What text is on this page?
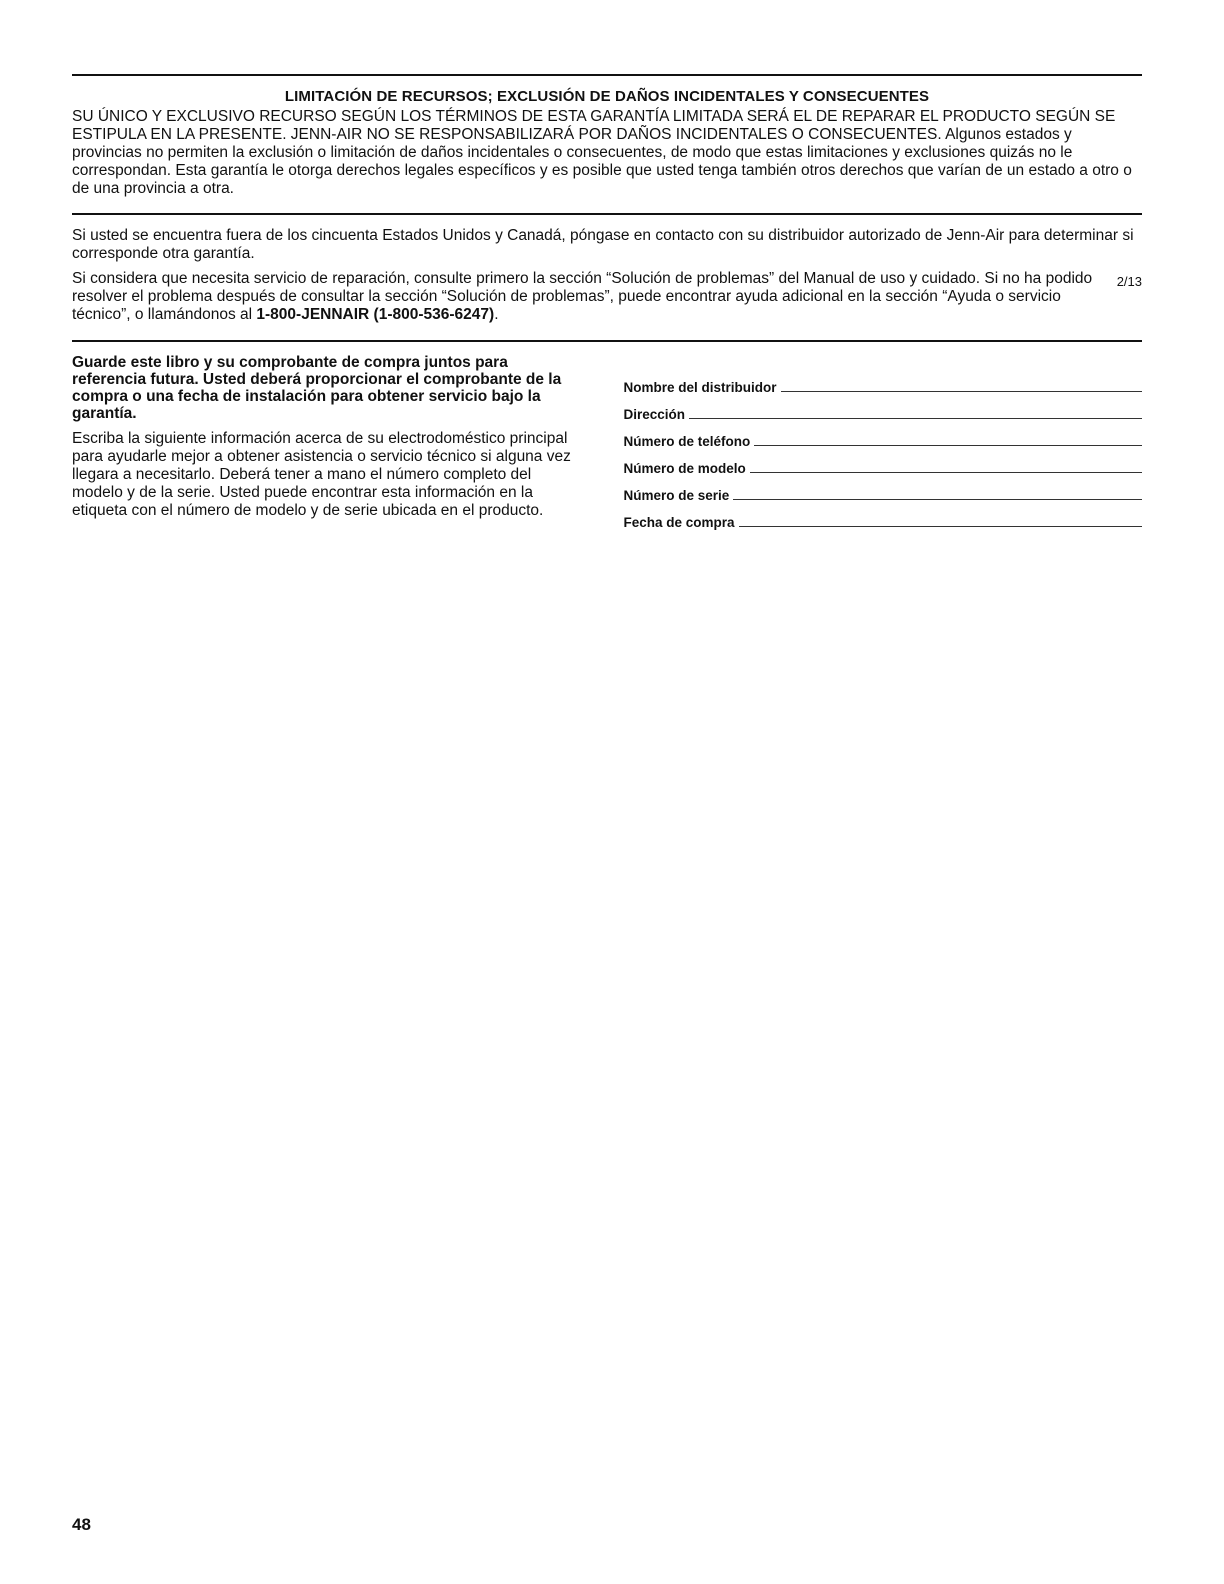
LIMITACIÓN DE RECURSOS; EXCLUSIÓN DE DAÑOS INCIDENTALES Y CONSECUENTES

SU ÚNICO Y EXCLUSIVO RECURSO SEGÚN LOS TÉRMINOS DE ESTA GARANTÍA LIMITADA SERÁ EL DE REPARAR EL PRODUCTO SEGÚN SE ESTIPULA EN LA PRESENTE. JENN-AIR NO SE RESPONSABILIZARÁ POR DAÑOS INCIDENTALES O CONSECUENTES. Algunos estados y provincias no permiten la exclusión o limitación de daños incidentales o consecuentes, de modo que estas limitaciones y exclusiones quizás no le correspondan. Esta garantía le otorga derechos legales específicos y es posible que usted tenga también otros derechos que varían de un estado a otro o de una provincia a otra.

Si usted se encuentra fuera de los cincuenta Estados Unidos y Canadá, póngase en contacto con su distribuidor autorizado de Jenn-Air para determinar si corresponde otra garantía.

2/13
Si considera que necesita servicio de reparación, consulte primero la sección “Solución de problemas” del Manual de uso y cuidado. Si no ha podido resolver el problema después de consultar la sección “Solución de problemas”, puede encontrar ayuda adicional en la sección “Ayuda o servicio técnico”, o llamándonos al 1-800-JENNAIR (1-800-536-6247).

Guarde este libro y su comprobante de compra juntos para referencia futura. Usted deberá proporcionar el comprobante de la compra o una fecha de instalación para obtener servicio bajo la garantía.

Escriba la siguiente información acerca de su electrodoméstico principal para ayudarle mejor a obtener asistencia o servicio técnico si alguna vez llegara a necesitarlo. Deberá tener a mano el número completo del modelo y de la serie. Usted puede encontrar esta información en la etiqueta con el número de modelo y de serie ubicada en el producto.

Nombre del distribuidor
Dirección
Número de teléfono
Número de modelo
Número de serie
Fecha de compra
48
